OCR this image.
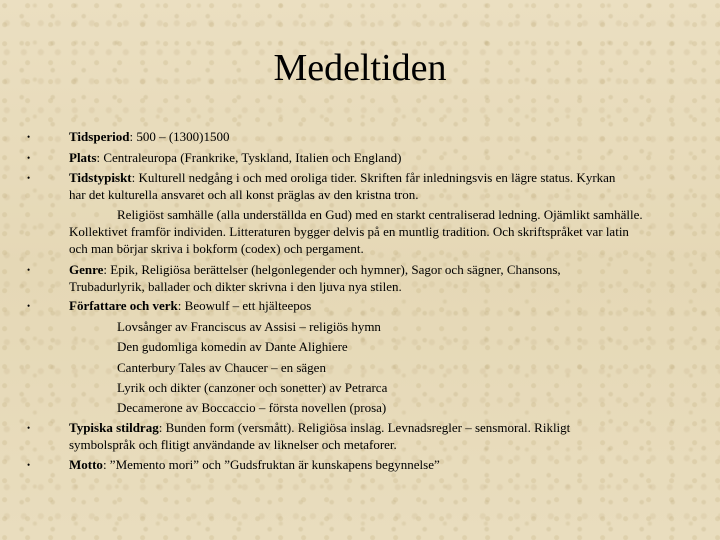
Medeltiden
•	Tidsperiod: 500 – (1300)1500
•	Plats: Centraleuropa (Frankrike, Tyskland, Italien och England)
•	Tidstypiskt: Kulturell nedgång i och med oroliga tider. Skriften får inledningsvis en lägre status. Kyrkan
har det kulturella ansvaret och all konst präglas av den kristna tron.
Religiöst samhälle (alla underställda en Gud) med en starkt centraliserad ledning. Ojämlikt samhälle.
Kollektivet framför individen. Litteraturen bygger delvis på en muntlig tradition. Och skriftspråket var latin
och man börjar skriva i bokform (codex) och pergament.
•	Genre: Epik, Religiösa berättelser (helgonlegender och hymner), Sagor och sägner, Chansons,
Trubadurlyrik, ballader och dikter skrivna i den ljuva nya stilen.
•	Författare och verk: Beowulf – ett hjälteepos
Lovsånger av Franciscus av Assisi – religiös hymn
Den gudomliga komedin av Dante Alighiere
Canterbury Tales av Chaucer – en sägen
Lyrik och dikter (canzoner och sonetter) av Petrarca
Decamerone av Boccaccio – första novellen (prosa)
•	Typiska stildrag: Bunden form (versmått). Religiösa inslag. Levnadsregler – sensmoral. Rikligt
symbolspråk och flitigt användande av liknelser och metaforer.
•	Motto: ”Memento mori” och ”Gudsfruktan är kunskapens begynnelse”
